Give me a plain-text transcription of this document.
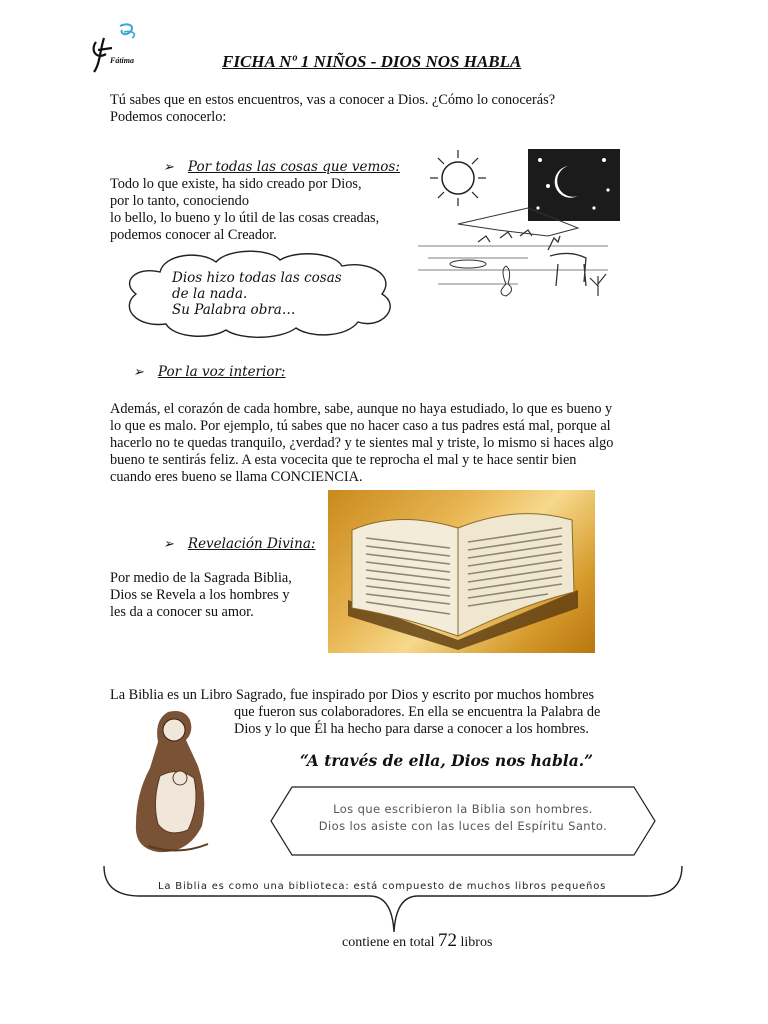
Fátima	FICHA Nº 1 NIÑOS - DIOS NOS HABLA
Tú sabes que en estos encuentros, vas a conocer a Dios. ¿Cómo lo conocerás?
Podemos conocerlo:
➢ Por todas las cosas que vemos:
Todo lo que existe, ha sido creado por Dios,
por lo tanto, conociendo
lo bello, lo bueno y lo útil de las cosas creadas,
podemos conocer al Creador.
Dios hizo todas las cosas
de la nada.
Su Palabra obra…
➢ Por la voz interior:
Además, el corazón de cada hombre, sabe, aunque no haya estudiado, lo que es bueno y
lo que es malo. Por ejemplo, tú sabes que no hacer caso a tus padres está mal, porque al
hacerlo no te quedas tranquilo, ¿verdad? y te sientes mal y triste, lo mismo si haces algo
bueno te sentirás feliz. A esta vocecita que te reprocha el mal y te hace sentir bien
cuando eres bueno se llama CONCIENCIA.
➢ Revelación Divina:
Por medio de la Sagrada Biblia,
Dios se Revela a los hombres y
les da a conocer su amor.
La Biblia es un Libro Sagrado, fue inspirado por Dios y escrito por muchos hombres
que fueron sus colaboradores. En ella se encuentra la Palabra de
Dios y lo que Él ha hecho para darse a conocer a los hombres.
“A través de ella, Dios nos habla.”
Los que escribieron la Biblia son hombres.
Dios los asiste con las luces del Espíritu Santo.
La Biblia es como una biblioteca: está compuesto de muchos libros pequeños
contiene en total 72 libros
